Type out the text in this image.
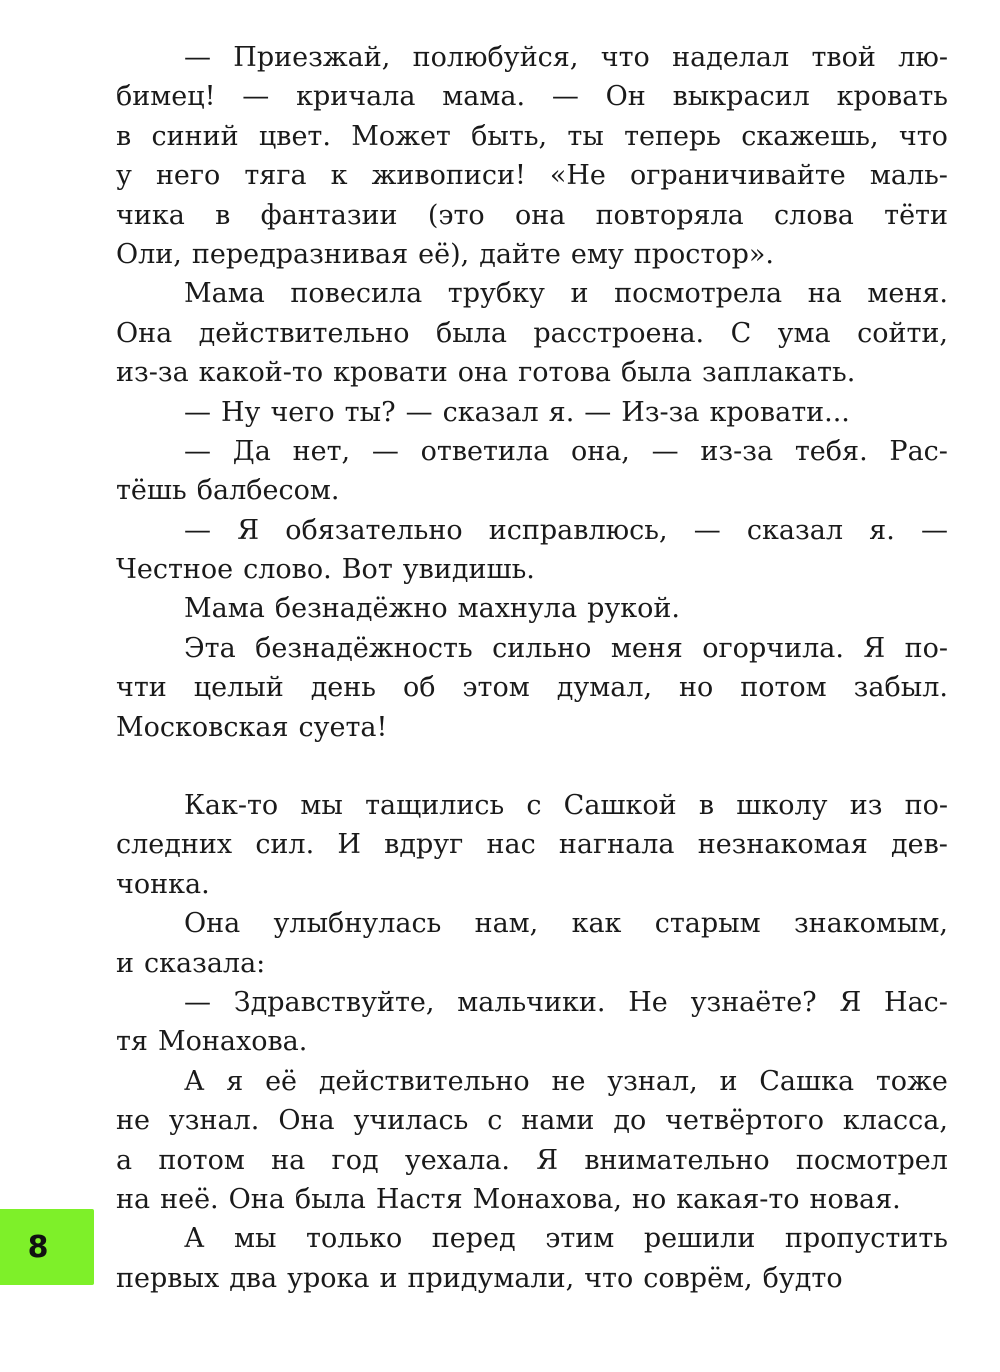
— Приезжай, полюбуйся, что наделал твой лю-
бимец! — кричала мама. — Он выкрасил кровать
в синий цвет. Может быть, ты теперь скажешь, что
у него тяга к живописи! «Не ограничивайте маль-
чика в фантазии (это она повторяла слова тёти
Оли, передразнивая её), дайте ему простор».
Мама повесила трубку и посмотрела на меня.
Она действительно была расстроена. С ума сойти,
из-за какой-то кровати она готова была заплакать.
— Ну чего ты? — сказал я. — Из-за кровати...
— Да нет, — ответила она, — из-за тебя. Рас-
тёшь балбесом.
— Я обязательно исправлюсь, — сказал я. —
Честное слово. Вот увидишь.
Мама безнадёжно махнула рукой.
Эта безнадёжность сильно меня огорчила. Я по-
чти целый день об этом думал, но потом забыл.
Московская суета!
Как-то мы тащились с Сашкой в школу из по-
следних сил. И вдруг нас нагнала незнакомая дев-
чонка.
Она улыбнулась нам, как старым знакомым,
и сказала:
— Здравствуйте, мальчики. Не узнаёте? Я Нас-
тя Монахова.
А я её действительно не узнал, и Сашка тоже
не узнал. Она училась с нами до четвёртого класса,
а потом на год уехала. Я внимательно посмотрел
на неё. Она была Настя Монахова, но какая-то новая.
А мы только перед этим решили пропустить
первых два урока и придумали, что соврём, будто
8
